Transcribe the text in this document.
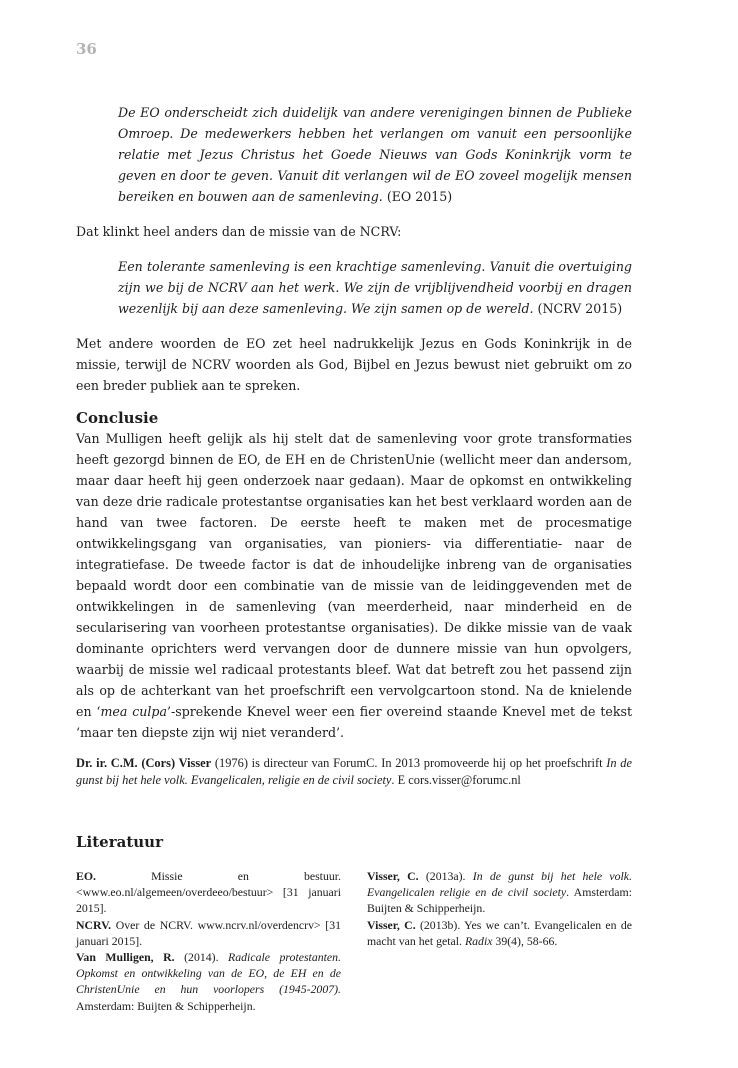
36

De EO onderscheidt zich duidelijk van andere verenigingen binnen de Publieke Omroep. De medewerkers hebben het verlangen om vanuit een persoonlijke relatie met Jezus Christus het Goede Nieuws van Gods Koninkrijk vorm te geven en door te geven. Vanuit dit verlangen wil de EO zoveel mogelijk mensen bereiken en bouwen aan de samenleving. (EO 2015)

Dat klinkt heel anders dan de missie van de NCRV:

Een tolerante samenleving is een krachtige samenleving. Vanuit die overtuiging zijn we bij de NCRV aan het werk. We zijn de vrijblijvendheid voorbij en dragen wezenlijk bij aan deze samenleving. We zijn samen op de wereld. (NCRV 2015)

Met andere woorden de EO zet heel nadrukkelijk Jezus en Gods Koninkrijk in de missie, terwijl de NCRV woorden als God, Bijbel en Jezus bewust niet gebruikt om zo een breder publiek aan te spreken.

Conclusie

Van Mulligen heeft gelijk als hij stelt dat de samenleving voor grote transformaties heeft gezorgd binnen de EO, de EH en de ChristenUnie (wellicht meer dan andersom, maar daar heeft hij geen onderzoek naar gedaan). Maar de opkomst en ontwikkeling van deze drie radicale protestantse organisaties kan het best verklaard worden aan de hand van twee factoren. De eerste heeft te maken met de procesmatige ontwikkelingsgang van organisaties, van pioniers- via differentiatie- naar de integratiefase. De tweede factor is dat de inhoudelijke inbreng van de organisaties bepaald wordt door een combinatie van de missie van de leidinggevenden met de ontwikkelingen in de samenleving (van meerderheid, naar minderheid en de secularisering van voorheen protestantse organisaties). De dikke missie van de vaak dominante oprichters werd vervangen door de dunnere missie van hun opvolgers, waarbij de missie wel radicaal protestants bleef. Wat dat betreft zou het passend zijn als op de achterkant van het proefschrift een vervolgcartoon stond. Na de knielende en ‘mea culpa’-sprekende Knevel weer een fier overeind staande Knevel met de tekst ‘maar ten diepste zijn wij niet veranderd’.

Dr. ir. C.M. (Cors) Visser (1976) is directeur van ForumC. In 2013 promoveerde hij op het proefschrift In de gunst bij het hele volk. Evangelicalen, religie en de civil society. E cors.visser@forumc.nl

Literatuur

EO. Missie en bestuur. <www.eo.nl/algemeen/overdeeo/bestuur> [31 januari 2015].

NCRV. Over de NCRV. www.ncrv.nl/overdencrv> [31 januari 2015].

Van Mulligen, R. (2014). Radicale protestanten. Opkomst en ontwikkeling van de EO, de EH en de ChristenUnie en hun voorlopers (1945-2007). Amsterdam: Buijten & Schipperheijn.

Visser, C. (2013a). In de gunst bij het hele volk. Evangelicalen religie en de civil society. Amsterdam: Buijten & Schipperheijn.

Visser, C. (2013b). Yes we can’t. Evangelicalen en de macht van het getal. Radix 39(4), 58-66.
